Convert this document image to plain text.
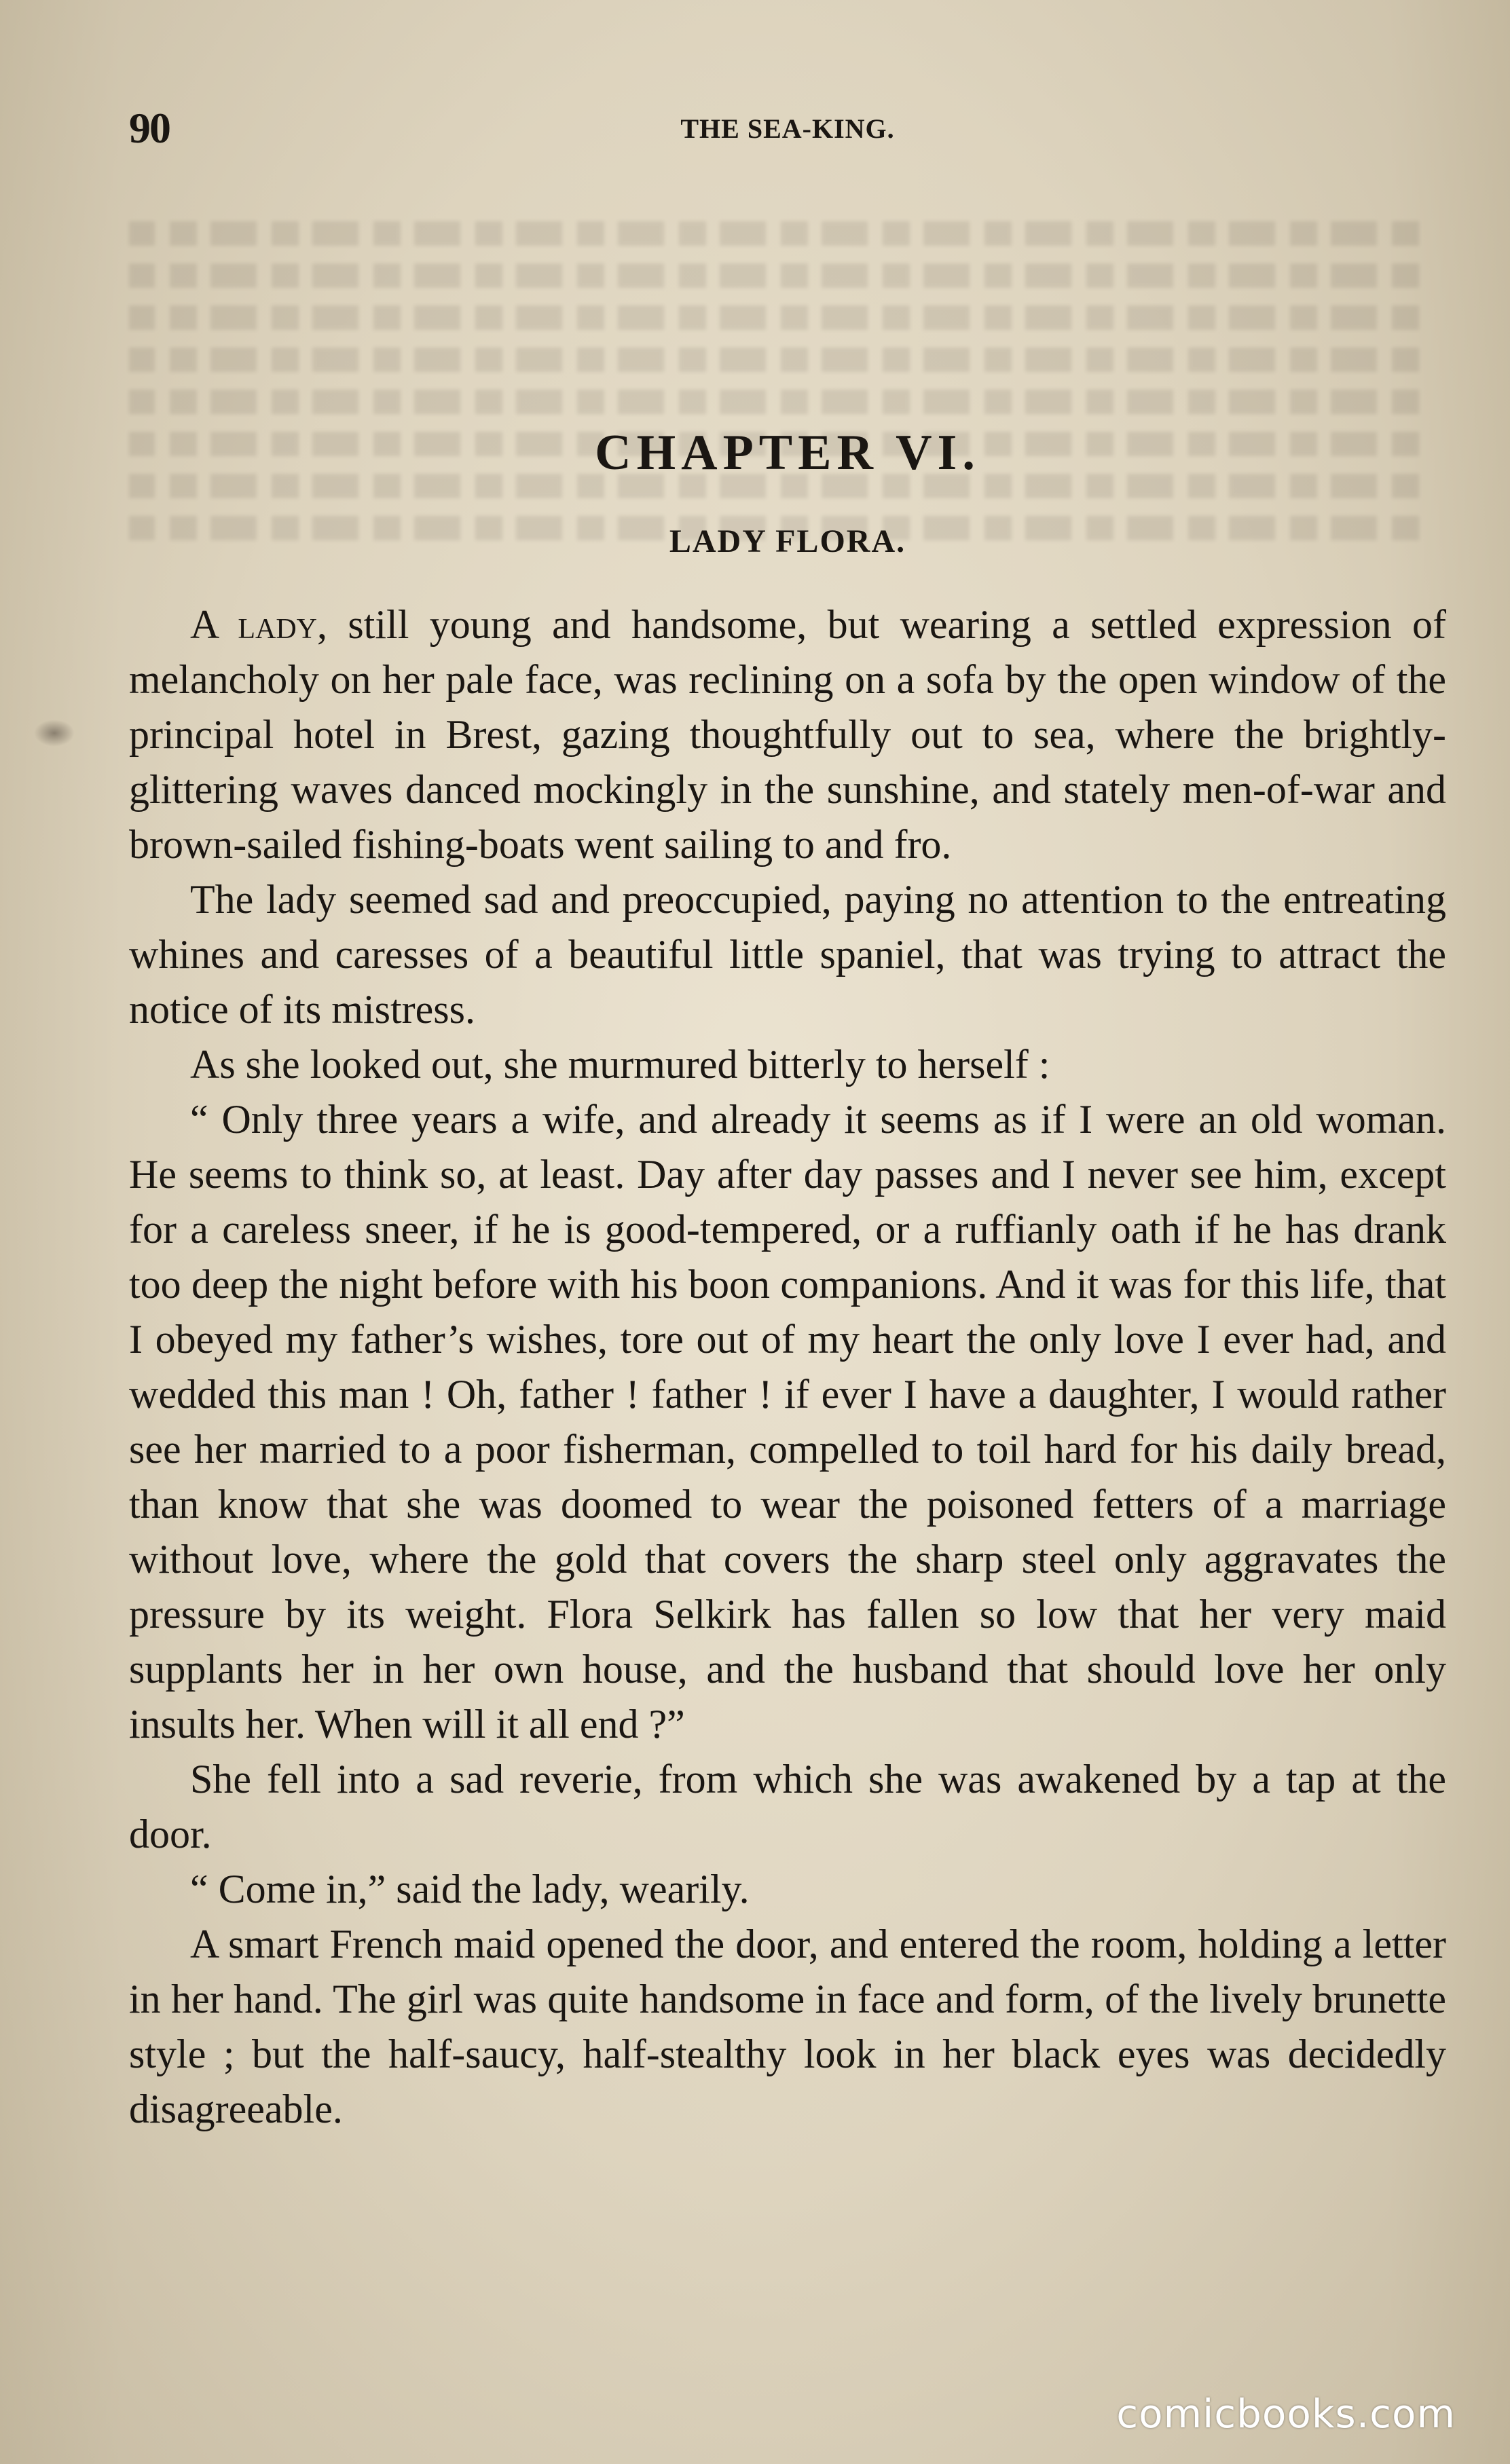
90	THE SEA-KING.
CHAPTER VI.
LADY FLORA.

A lady, still young and handsome, but wearing a settled expression of melancholy on her pale face, was reclining on a sofa by the open window of the principal hotel in Brest, gazing thoughtfully out to sea, where the brightly-glittering waves danced mockingly in the sunshine, and stately men-of-war and brown-sailed fishing-boats went sailing to and fro.

The lady seemed sad and preoccupied, paying no attention to the entreating whines and caresses of a beautiful little spaniel, that was trying to attract the notice of its mistress.

As she looked out, she murmured bitterly to herself :

“ Only three years a wife, and already it seems as if I were an old woman. He seems to think so, at least. Day after day passes and I never see him, except for a careless sneer, if he is good-tempered, or a ruffianly oath if he has drank too deep the night before with his boon companions. And it was for this life, that I obeyed my father’s wishes, tore out of my heart the only love I ever had, and wedded this man ! Oh, father ! father ! if ever I have a daughter, I would rather see her married to a poor fisherman, compelled to toil hard for his daily bread, than know that she was doomed to wear the poisoned fetters of a marriage without love, where the gold that covers the sharp steel only aggravates the pressure by its weight. Flora Selkirk has fallen so low that her very maid supplants her in her own house, and the husband that should love her only insults her. When will it all end ?”

She fell into a sad reverie, from which she was awakened by a tap at the door.

“ Come in,” said the lady, wearily.

A smart French maid opened the door, and entered the room, holding a letter in her hand. The girl was quite handsome in face and form, of the lively brunette style ; but the half-saucy, half-stealthy look in her black eyes was decidedly disagreeable.

comicbooks.com
